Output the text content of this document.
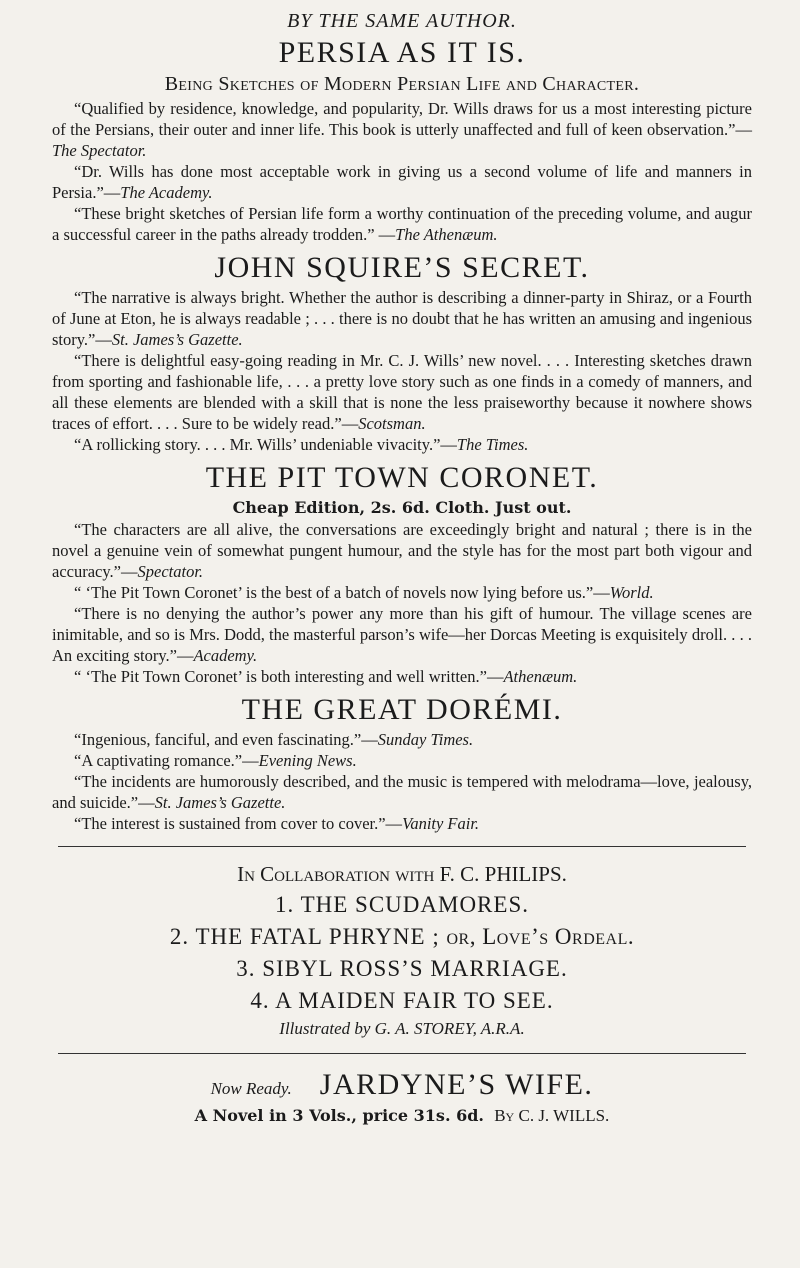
BY THE SAME AUTHOR.

PERSIA AS IT IS.

Being Sketches of Modern Persian Life and Character.

“Qualified by residence, knowledge, and popularity, Dr. Wills draws for us a most interesting picture of the Persians, their outer and inner life. This book is utterly unaffected and full of keen observation.”—The Spectator.

“Dr. Wills has done most acceptable work in giving us a second volume of life and manners in Persia.”—The Academy.

“These bright sketches of Persian life form a worthy continuation of the preceding volume, and augur a successful career in the paths already trodden.” —The Athenæum.

JOHN SQUIRE’S SECRET.

“The narrative is always bright. Whether the author is describing a dinner-party in Shiraz, or a Fourth of June at Eton, he is always readable ; . . . there is no doubt that he has written an amusing and ingenious story.”—St. James’s Gazette.

“There is delightful easy-going reading in Mr. C. J. Wills’ new novel. . . . Interesting sketches drawn from sporting and fashionable life, . . . a pretty love story such as one finds in a comedy of manners, and all these elements are blended with a skill that is none the less praiseworthy because it nowhere shows traces of effort. . . . Sure to be widely read.”—Scotsman.

“A rollicking story. . . . Mr. Wills’ undeniable vivacity.”—The Times.

THE PIT TOWN CORONET.

Cheap Edition, 2s. 6d. Cloth. Just out.

“The characters are all alive, the conversations are exceedingly bright and natural ; there is in the novel a genuine vein of somewhat pungent humour, and the style has for the most part both vigour and accuracy.”—Spectator.

“ ‘The Pit Town Coronet’ is the best of a batch of novels now lying before us.”—World.

“There is no denying the author’s power any more than his gift of humour. The village scenes are inimitable, and so is Mrs. Dodd, the masterful parson’s wife—her Dorcas Meeting is exquisitely droll. . . . An exciting story.”—Academy.

“ ‘The Pit Town Coronet’ is both interesting and well written.”—Athenæum.

THE GREAT DORÉMI.

“Ingenious, fanciful, and even fascinating.”—Sunday Times.

“A captivating romance.”—Evening News.

“The incidents are humorously described, and the music is tempered with melodrama—love, jealousy, and suicide.”—St. James’s Gazette.

“The interest is sustained from cover to cover.”—Vanity Fair.

In Collaboration with F. C. PHILIPS.

1. THE SCUDAMORES.

2. THE FATAL PHRYNE ; or, Love’s Ordeal.

3. SIBYL ROSS’S MARRIAGE.

4. A MAIDEN FAIR TO SEE.

Illustrated by G. A. STOREY, A.R.A.

Now Ready. JARDYNE’S WIFE.

A Novel in 3 Vols., price 31s. 6d. By C. J. WILLS.
